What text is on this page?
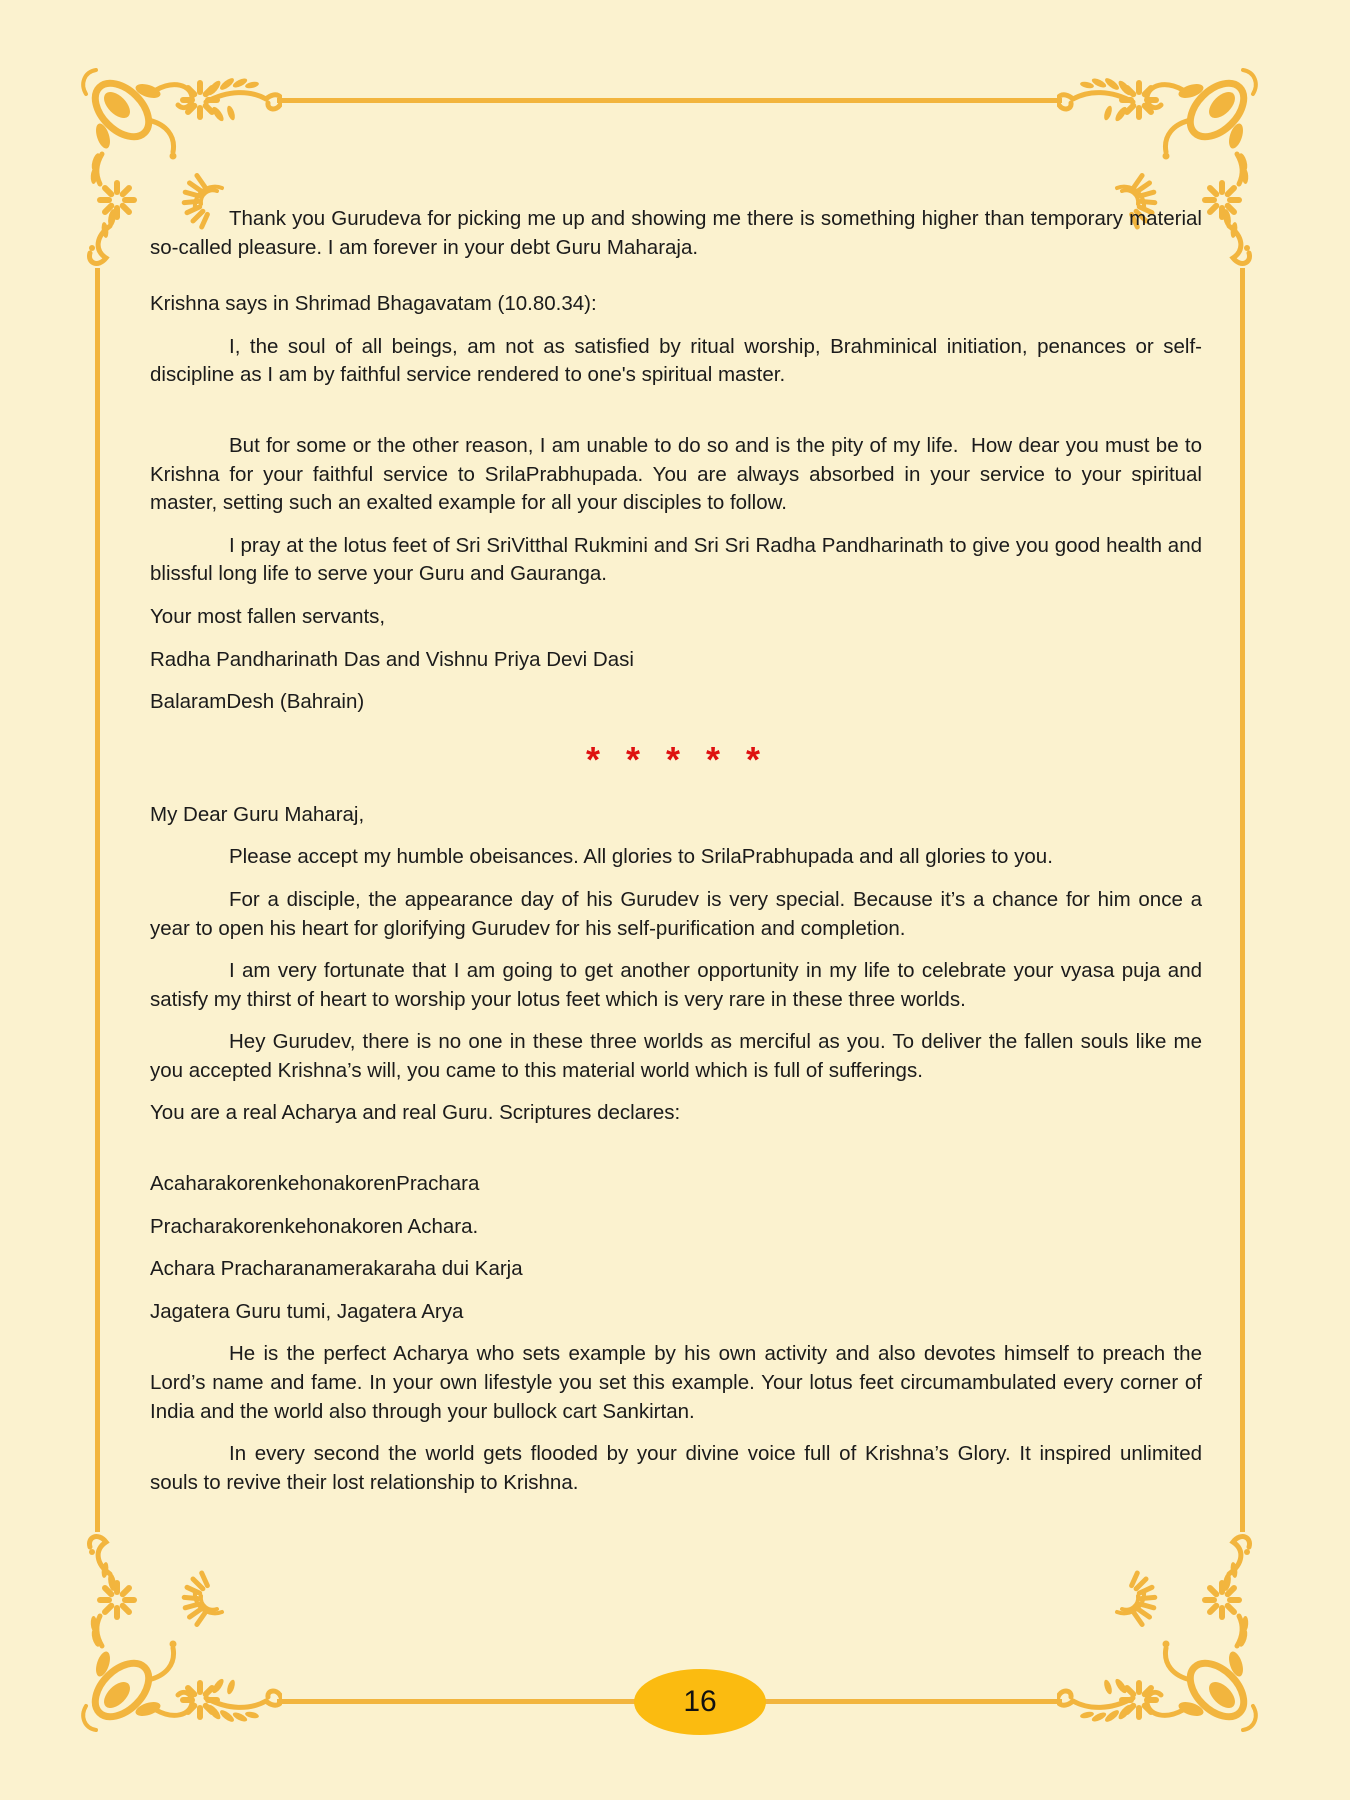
Thank you Gurudeva for picking me up and showing me there is something higher than temporary material so-called pleasure. I am forever in your debt Guru Maharaja.

Krishna says in Shrimad Bhagavatam (10.80.34):

I, the soul of all beings, am not as satisfied by ritual worship, Brahminical initiation, penances or self-discipline as I am by faithful service rendered to one's spiritual master.

But for some or the other reason, I am unable to do so and is the pity of my life.  How dear you must be to Krishna for your faithful service to SrilaPrabhupada. You are always absorbed in your service to your spiritual master, setting such an exalted example for all your disciples to follow.

I pray at the lotus feet of Sri SriVitthal Rukmini and Sri Sri Radha Pandharinath to give you good health and blissful long life to serve your Guru and Gauranga.

Your most fallen servants,

Radha Pandharinath Das and Vishnu Priya Devi Dasi

BalaramDesh (Bahrain)

* * * * *

My Dear Guru Maharaj,

Please accept my humble obeisances. All glories to SrilaPrabhupada and all glories to you.

For a disciple, the appearance day of his Gurudev is very special. Because it’s a chance for him once a year to open his heart for glorifying Gurudev for his self-purification and completion.

I am very fortunate that I am going to get another opportunity in my life to celebrate your vyasa puja and satisfy my thirst of heart to worship your lotus feet which is very rare in these three worlds.

Hey Gurudev, there is no one in these three worlds as merciful as you. To deliver the fallen souls like me you accepted Krishna’s will, you came to this material world which is full of sufferings.

You are a real Acharya and real Guru. Scriptures declares:

AcaharakorenkehonakorenPrachara

Pracharakorenkehonakoren Achara.

Achara Pracharanamerakaraha dui Karja

Jagatera Guru tumi, Jagatera Arya

He is the perfect Acharya who sets example by his own activity and also devotes himself to preach the Lord’s name and fame. In your own lifestyle you set this example. Your lotus feet circumambulated every corner of India and the world also through your bullock cart Sankirtan.

In every second the world gets flooded by your divine voice full of Krishna’s Glory. It inspired unlimited souls to revive their lost relationship to Krishna.

16
